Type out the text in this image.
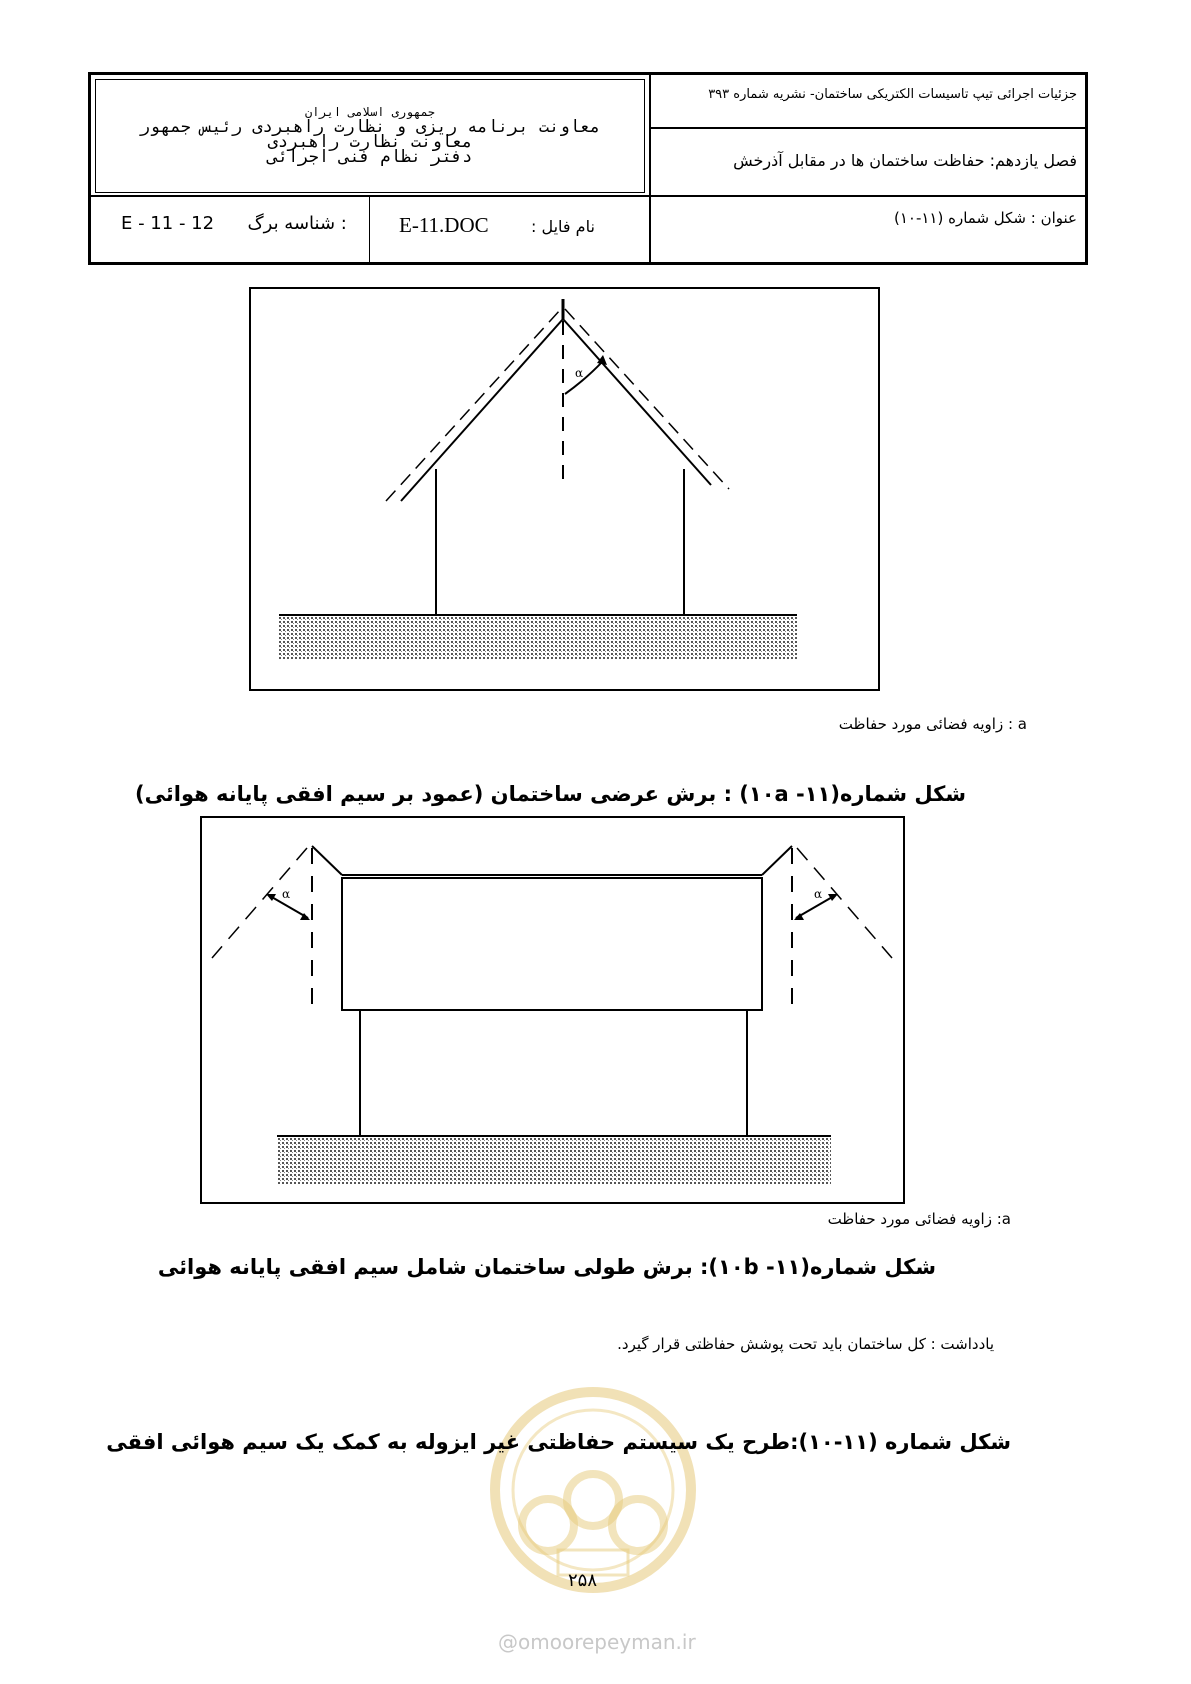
جمهوری اسلامی ایران
معاونت برنامه ریزی و نظارت راهبردی رئیس جمهور
معاونت نظارت راهبردی
دفتر نظام فنی اجرائی
جزئیات اجرائی تیپ تاسیسات الکتریکی ساختمان- نشریه شماره ۳۹۳
فصل یازدهم: حفاظت ساختمان ها در مقابل آذرخش
عنوان : شکل شماره (۱۱-۱۰)
نام فایل :
E-11.DOC
E - 11 - 12 شناسه برگ :
α
a : زاویه فضائی مورد حفاظت
شکل شماره(۱۱- ۱۰a) : برش عرضی ساختمان (عمود بر سیم افقی پایانه هوائی)
α	α
a: زاویه فضائی مورد حفاظت
شکل شماره(۱۱- ۱۰b): برش طولی ساختمان شامل سیم افقی پایانه هوائی
یادداشت : کل ساختمان باید تحت پوشش حفاظتی قرار گیرد.
شکل شماره (۱۱-۱۰):طرح یک سیستم حفاظتی غیر ایزوله به کمک یک سیم هوائی افقی
۲۵۸
@omoorepeyman.ir
